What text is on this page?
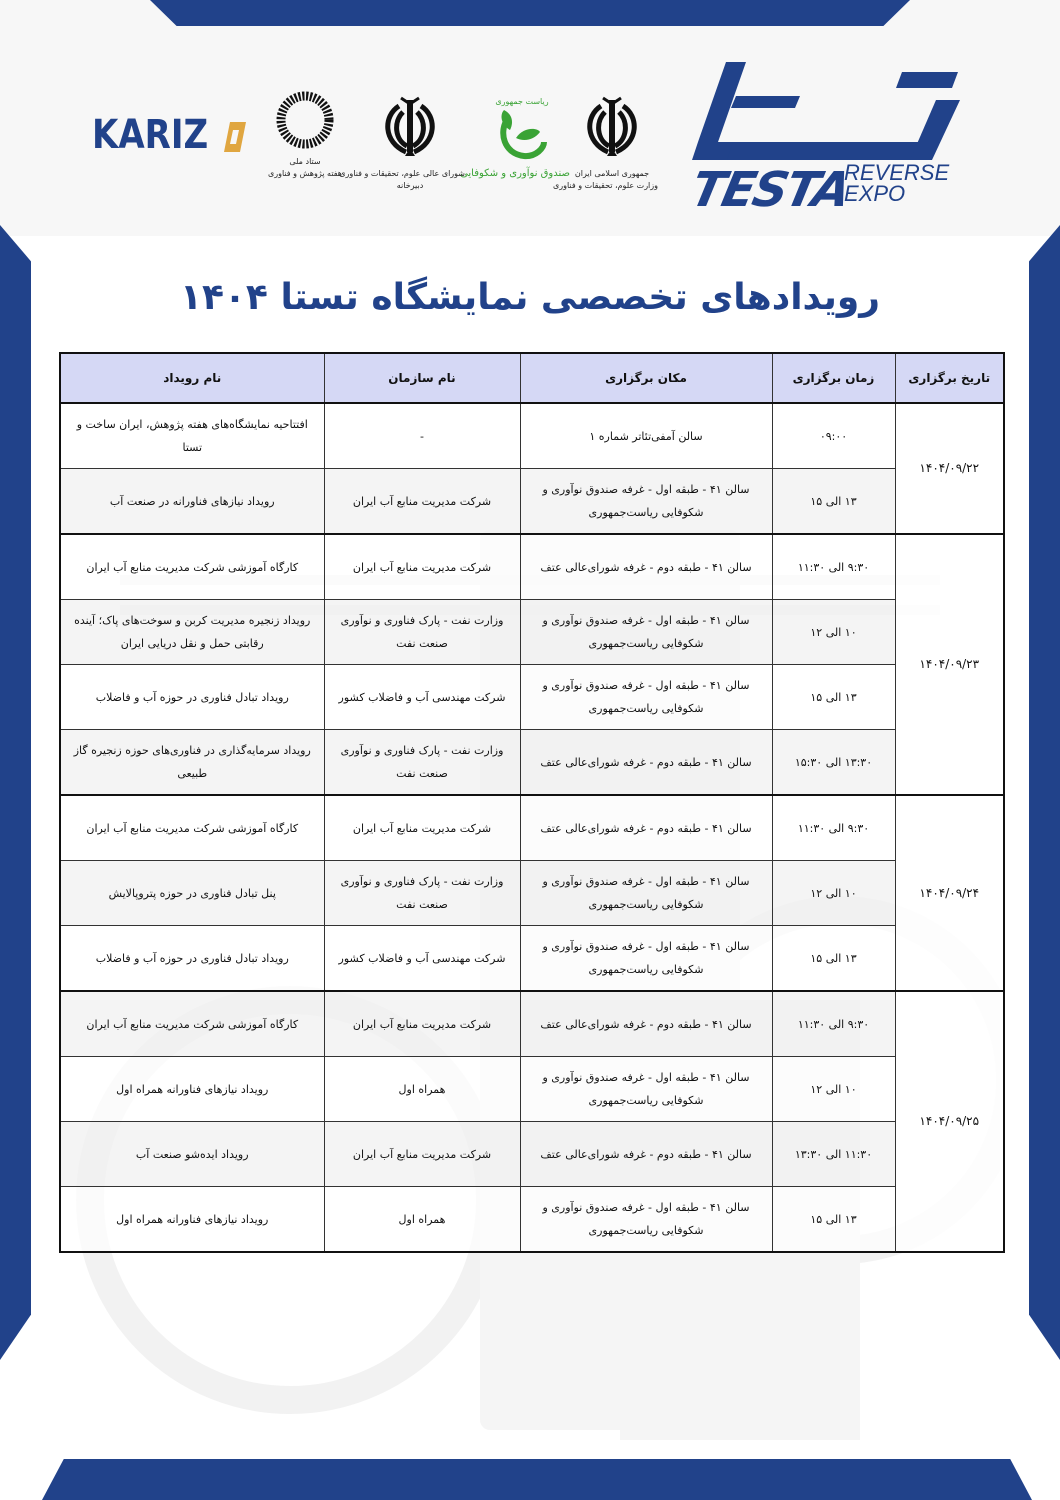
TESTA
REVERSE
EXPO
جمهوری اسلامی ایران
وزارت علوم، تحقیقات و فناوری
ریاست جمهوری
صندوق نوآوری و شکوفایی
شورای عالی علوم، تحقیقات و فناوری
دبیرخانه
ستاد ملی
هفته پژوهش و فناوری
KARIZ
رویدادهای تخصصی نمایشگاه تستا ۱۴۰۴
تاریخ برگزاری	زمان برگزاری	مکان برگزاری	نام سازمان	نام رویداد
۱۴۰۴/۰۹/۲۲	۰۹:۰۰	سالن آمفی‌تئاتر شماره ۱	-	افتتاحیه نمایشگاه‌های هفته پژوهش، ایران ساخت و تستا
	۱۳ الی ۱۵	سالن ۴۱ - طبقه اول - غرفه صندوق نوآوری و شکوفایی ریاست‌جمهوری	شرکت مدیریت منابع آب ایران	رویداد نیازهای فناورانه در صنعت آب
۱۴۰۴/۰۹/۲۳	۹:۳۰ الی ۱۱:۳۰	سالن ۴۱ - طبقه دوم - غرفه شورای‌عالی عتف	شرکت مدیریت منابع آب ایران	کارگاه آموزشی شرکت مدیریت منابع آب ایران
	۱۰ الی ۱۲	سالن ۴۱ - طبقه اول - غرفه صندوق نوآوری و شکوفایی ریاست‌جمهوری	وزارت نفت - پارک فناوری و نوآوری صنعت نفت	رویداد زنجیره مدیریت کربن و سوخت‌های پاک؛ آینده رقابتی حمل و نقل دریایی ایران
	۱۳ الی ۱۵	سالن ۴۱ - طبقه اول - غرفه صندوق نوآوری و شکوفایی ریاست‌جمهوری	شرکت مهندسی آب و فاضلاب کشور	رویداد تبادل فناوری در حوزه آب و فاضلاب
	۱۳:۳۰ الی ۱۵:۳۰	سالن ۴۱ - طبقه دوم - غرفه شورای‌عالی عتف	وزارت نفت - پارک فناوری و نوآوری صنعت نفت	رویداد سرمایه‌گذاری در فناوری‌های حوزه زنجیره گاز طبیعی
۱۴۰۴/۰۹/۲۴	۹:۳۰ الی ۱۱:۳۰	سالن ۴۱ - طبقه دوم - غرفه شورای‌عالی عتف	شرکت مدیریت منابع آب ایران	کارگاه آموزشی شرکت مدیریت منابع آب ایران
	۱۰ الی ۱۲	سالن ۴۱ - طبقه اول - غرفه صندوق نوآوری و شکوفایی ریاست‌جمهوری	وزارت نفت - پارک فناوری و نوآوری صنعت نفت	پنل تبادل فناوری در حوزه پتروپالایش
	۱۳ الی ۱۵	سالن ۴۱ - طبقه اول - غرفه صندوق نوآوری و شکوفایی ریاست‌جمهوری	شرکت مهندسی آب و فاضلاب کشور	رویداد تبادل فناوری در حوزه آب و فاضلاب
۱۴۰۴/۰۹/۲۵	۹:۳۰ الی ۱۱:۳۰	سالن ۴۱ - طبقه دوم - غرفه شورای‌عالی عتف	شرکت مدیریت منابع آب ایران	کارگاه آموزشی شرکت مدیریت منابع آب ایران
	۱۰ الی ۱۲	سالن ۴۱ - طبقه اول - غرفه صندوق نوآوری و شکوفایی ریاست‌جمهوری	همراه اول	رویداد نیازهای فناورانه همراه اول
	۱۱:۳۰ الی ۱۳:۳۰	سالن ۴۱ - طبقه دوم - غرفه شورای‌عالی عتف	شرکت مدیریت منابع آب ایران	رویداد ایده‌شو صنعت آب
	۱۳ الی ۱۵	سالن ۴۱ - طبقه اول - غرفه صندوق نوآوری و شکوفایی ریاست‌جمهوری	همراه اول	رویداد نیازهای فناورانه همراه اول
